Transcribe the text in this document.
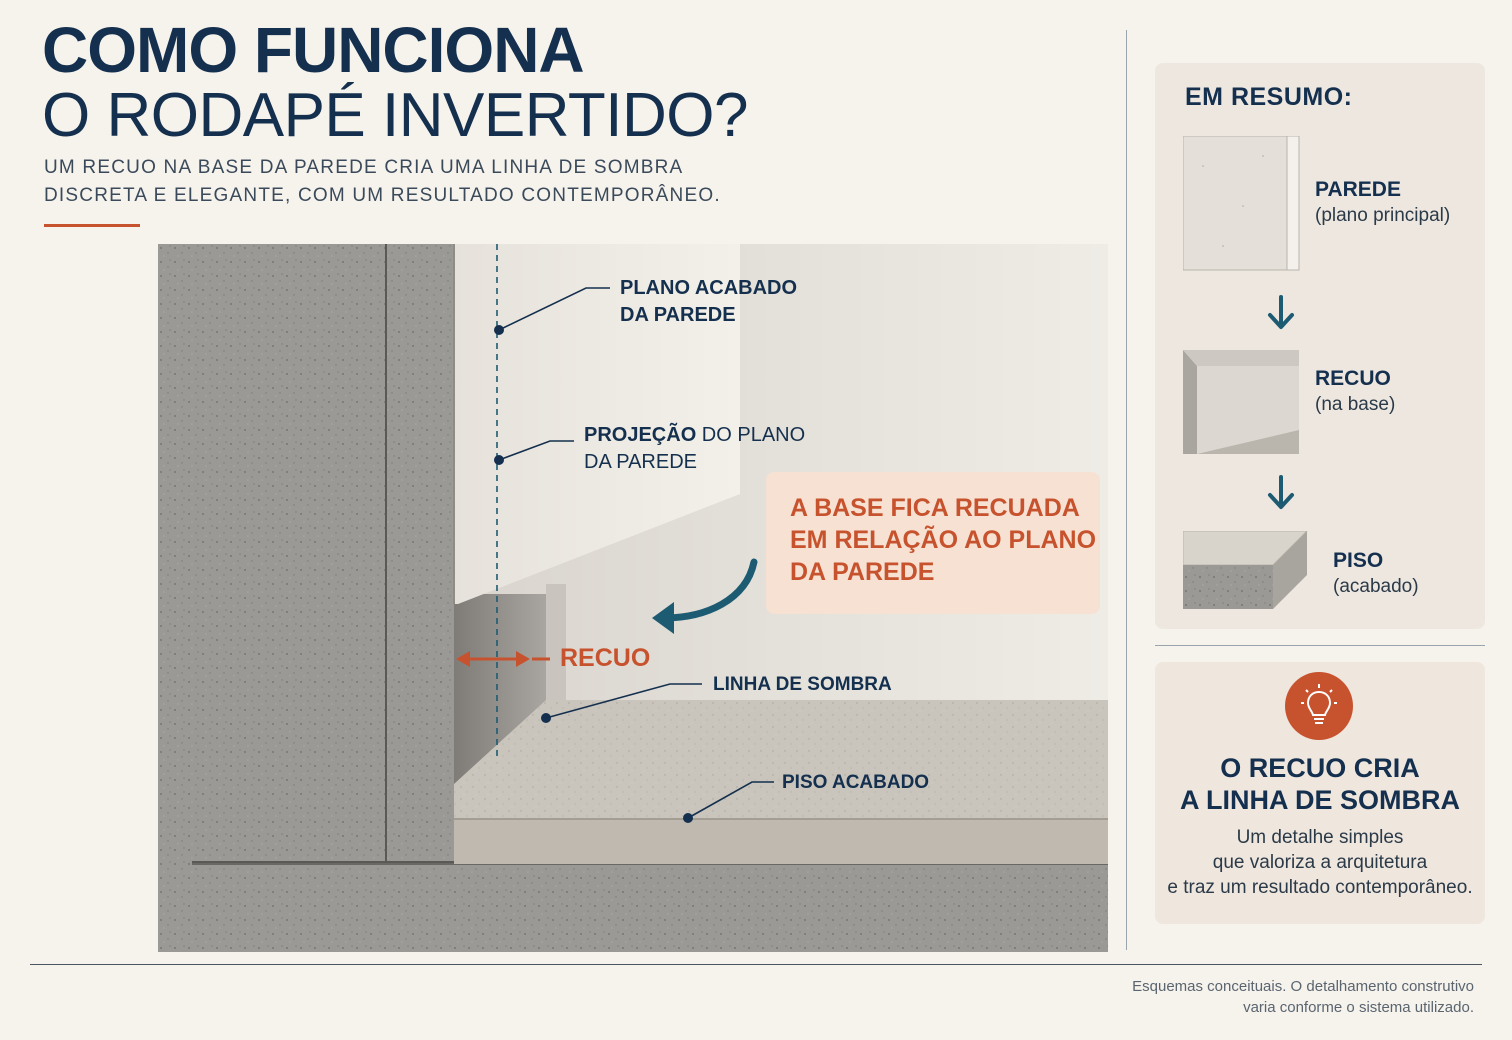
COMO FUNCIONA
O RODAPÉ INVERTIDO?
UM RECUO NA BASE DA PAREDE CRIA UMA LINHA DE SOMBRA
DISCRETA E ELEGANTE, COM UM RESULTADO CONTEMPORÂNEO.
PLANO ACABADO
DA PAREDE
PROJEÇÃO DO PLANO
DA PAREDE
LINHA DE SOMBRA
PISO ACABADO
A BASE FICA RECUADA
EM RELAÇÃO AO PLANO
DA PAREDE
RECUO
EM RESUMO:
PAREDE
(plano principal)
RECUO
(na base)
PISO
(acabado)
O RECUO CRIA
A LINHA DE SOMBRA
Um detalhe simples
que valoriza a arquitetura
e traz um resultado contemporâneo.
Esquemas conceituais. O detalhamento construtivo
varia conforme o sistema utilizado.
